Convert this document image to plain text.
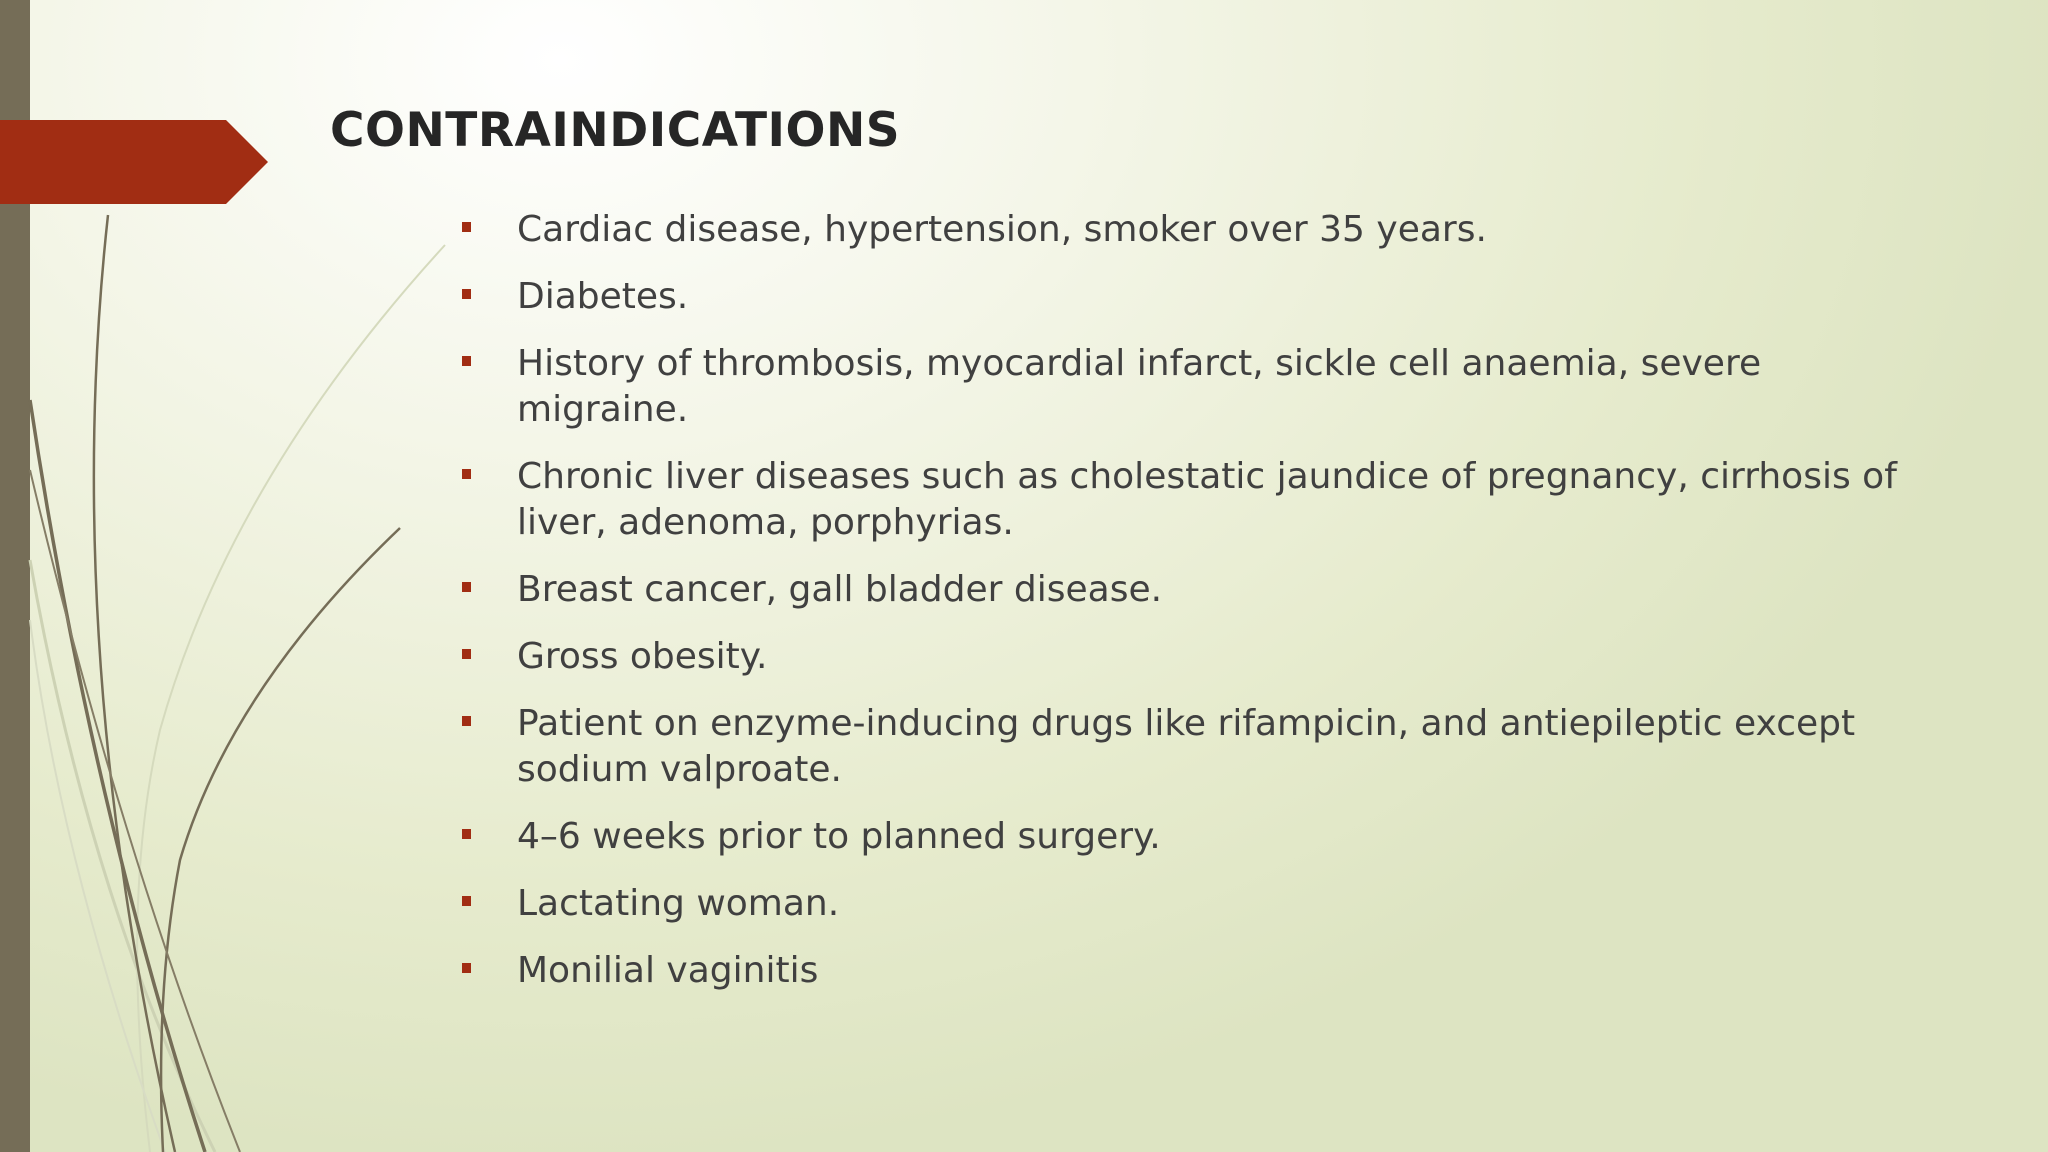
CONTRAINDICATIONS
Cardiac disease, hypertension, smoker over 35 years.
Diabetes.
History of thrombosis, myocardial infarct, sickle cell anaemia, severe migraine.
Chronic liver diseases such as cholestatic jaundice of pregnancy, cirrhosis of liver, adenoma, porphyrias.
Breast cancer, gall bladder disease.
Gross obesity.
Patient on enzyme-inducing drugs like rifampicin, and antiepileptic except sodium valproate.
4–6 weeks prior to planned surgery.
Lactating woman.
Monilial vaginitis
